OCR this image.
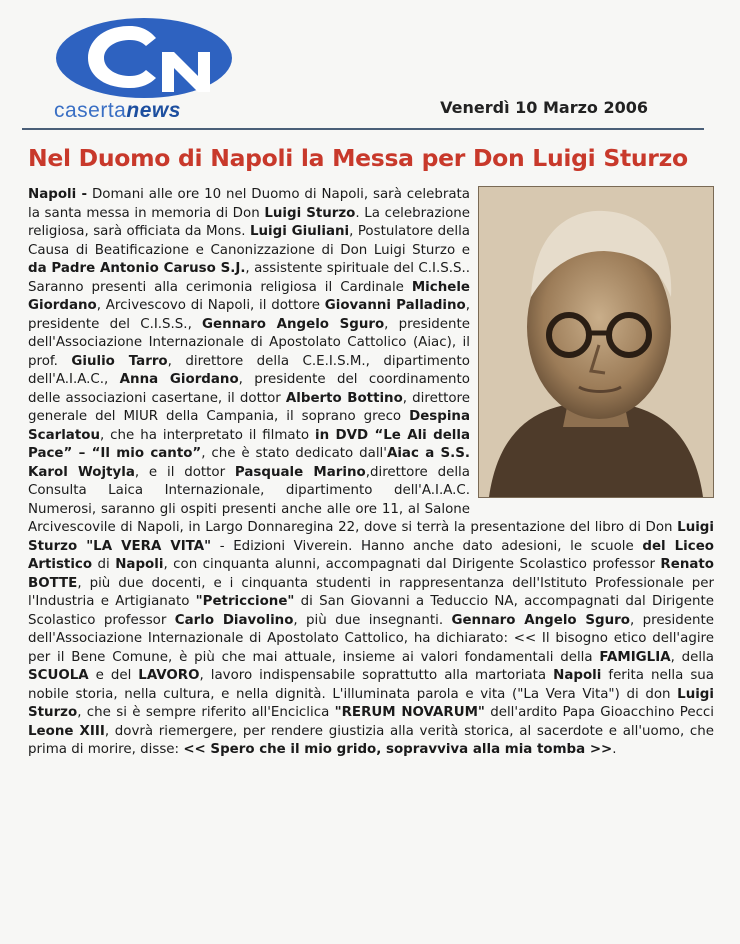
casertanews	Venerdì 10 Marzo 2006
Nel Duomo di Napoli la Messa per Don Luigi Sturzo
Napoli - Domani alle ore 10 nel Duomo di Napoli, sarà celebrata la santa messa in memoria di Don Luigi Sturzo. La celebrazione religiosa, sarà officiata da Mons. Luigi Giuliani, Postulatore della Causa di Beatificazione e Canonizzazione di Don Luigi Sturzo e da Padre Antonio Caruso S.J., assistente spirituale del C.I.S.S.. Saranno presenti alla cerimonia religiosa il Cardinale Michele Giordano, Arcivescovo di Napoli, il dottore Giovanni Palladino, presidente del C.I.S.S., Gennaro Angelo Sguro, presidente dell'Associazione Internazionale di Apostolato Cattolico (Aiac), il prof. Giulio Tarro, direttore della C.E.I.S.M., dipartimento dell'A.I.A.C., Anna Giordano, presidente del coordinamento delle associazioni casertane, il dottor Alberto Bottino, direttore generale del MIUR della Campania, il soprano greco Despina Scarlatou, che ha interpretato il filmato in DVD “Le Ali della Pace” – “Il mio canto”, che è stato dedicato dall'Aiac a S.S. Karol Wojtyla, e il dottor Pasquale Marino,direttore della Consulta Laica Internazionale, dipartimento dell'A.I.A.C. Numerosi, saranno gli ospiti presenti anche alle ore 11, al Salone Arcivescovile di Napoli, in Largo Donnaregina 22, dove si terrà la presentazione del libro di Don Luigi Sturzo "LA VERA VITA" - Edizioni Viverein. Hanno anche dato adesioni, le scuole del Liceo Artistico di Napoli, con cinquanta alunni, accompagnati dal Dirigente Scolastico professor Renato BOTTE, più due docenti, e i cinquanta studenti in rappresentanza dell'Istituto Professionale per l'Industria e Artigianato "Petriccione" di San Giovanni a Teduccio NA, accompagnati dal Dirigente Scolastico professor Carlo Diavolino, più due insegnanti. Gennaro Angelo Sguro, presidente dell'Associazione Internazionale di Apostolato Cattolico, ha dichiarato: << Il bisogno etico dell'agire per il Bene Comune, è più che mai attuale, insieme ai valori fondamentali della FAMIGLIA, della SCUOLA e del LAVORO, lavoro indispensabile soprattutto alla martoriata Napoli ferita nella sua nobile storia, nella cultura, e nella dignità. L'illuminata parola e vita ("La Vera Vita") di don Luigi Sturzo, che si è sempre riferito all'Enciclica "RERUM NOVARUM" dell'ardito Papa Gioacchino Pecci Leone XIII, dovrà riemergere, per rendere giustizia alla verità storica, al sacerdote e all'uomo, che prima di morire, disse: << Spero che il mio grido, sopravviva alla mia tomba >>.
